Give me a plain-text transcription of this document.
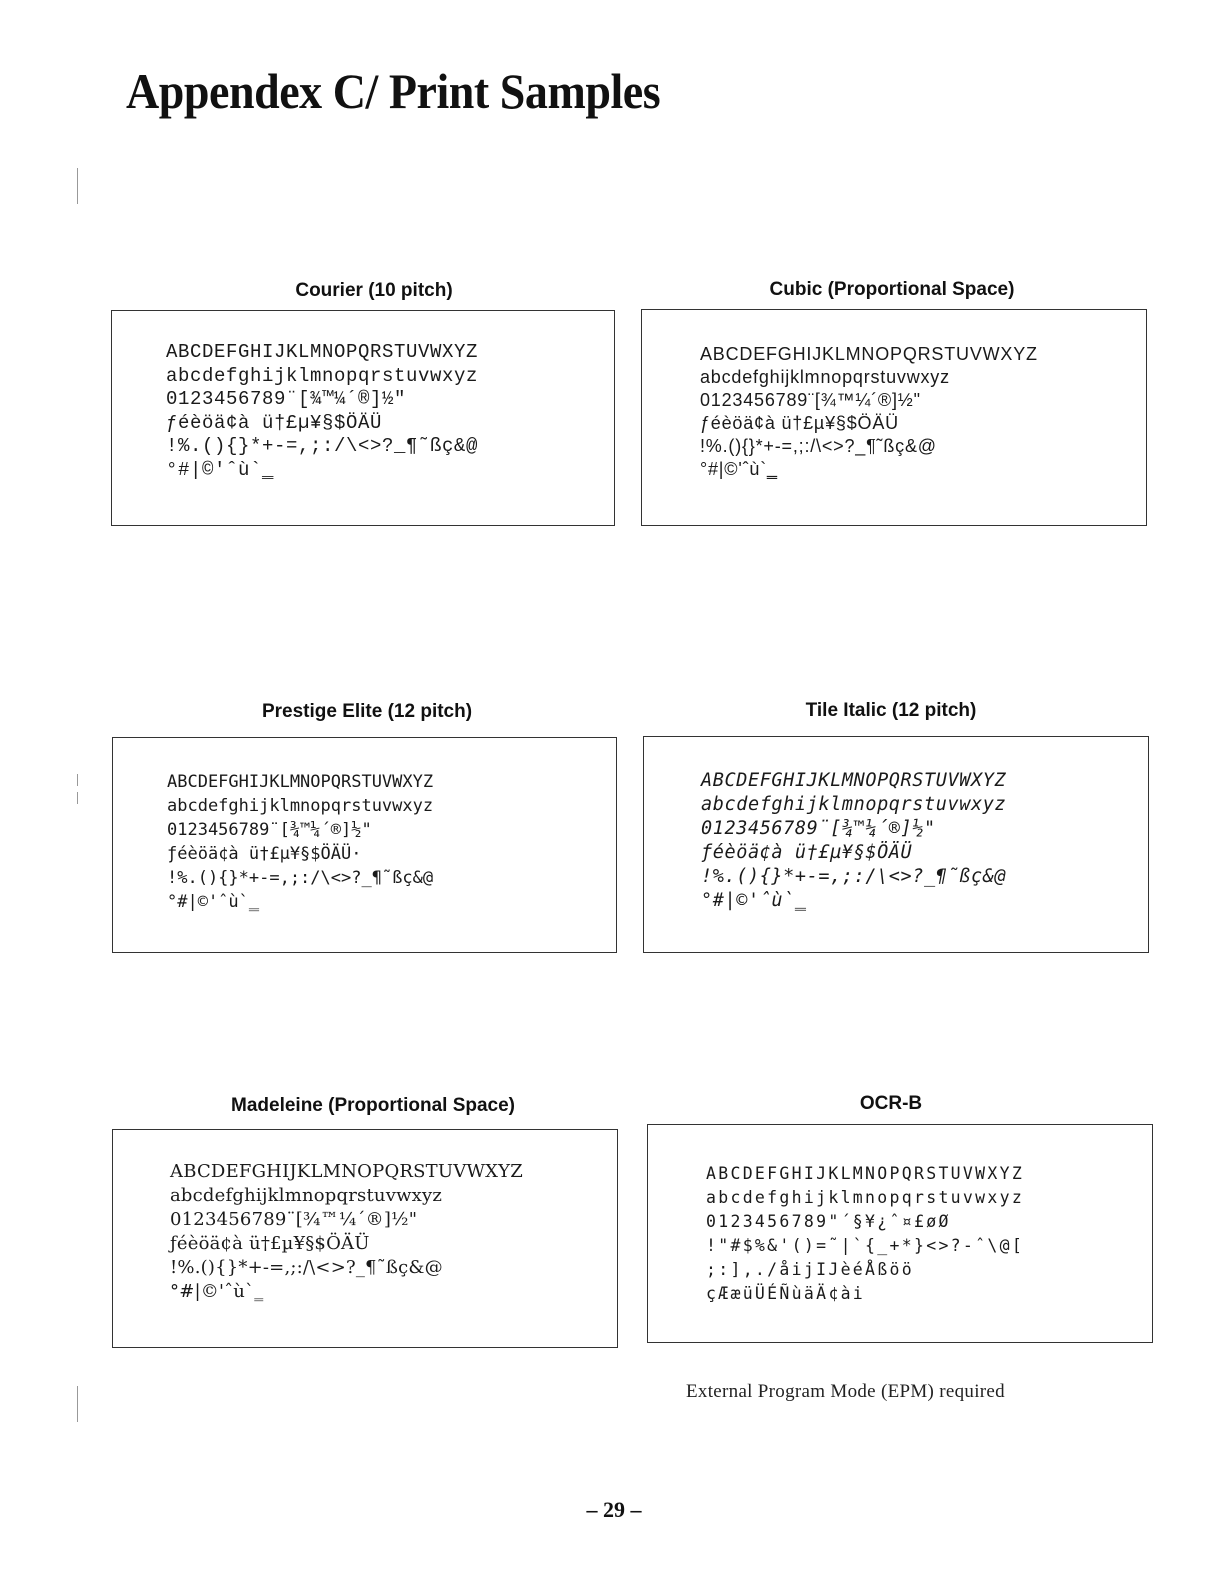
Appendex C/ Print Samples

Courier (10 pitch)

ABCDEFGHIJKLMNOPQRSTUVWXYZ
abcdefghijklmnopqrstuvwxyz
0123456789¨[¾™¼´®]½"
ƒéèöä¢à ü†£µ¥§$ÖÄÜ
!%.(){}*+-=,;:/\<>?_¶˜ßç&@
°#|©'ˆù`‗

Cubic (Proportional Space)

ABCDEFGHIJKLMNOPQRSTUVWXYZ
abcdefghijklmnopqrstuvwxyz
0123456789¨[¾™¼´®]½"
ƒéèöä¢à ü†£µ¥§$ÖÄÜ
!%.(){}*+-=,;:/\<>?_¶˜ßç&@
°#|©'ˆù`‗

Prestige Elite (12 pitch)

ABCDEFGHIJKLMNOPQRSTUVWXYZ
abcdefghijklmnopqrstuvwxyz
0123456789¨[¾™¼´®]½"
ƒéèöä¢à ü†£µ¥§$ÖÄÜ·
!%.(){}*+-=,;:/\<>?_¶˜ßç&@
°#|©'ˆù`‗

Tile Italic (12 pitch)

ABCDEFGHIJKLMNOPQRSTUVWXYZ
abcdefghijklmnopqrstuvwxyz
0123456789¨[¾™¼´®]½"
ƒéèöä¢à ü†£µ¥§$ÖÄÜ
!%.(){}*+-=,;:/\<>?_¶˜ßç&@
°#|©'ˆù`‗

Madeleine (Proportional Space)

ABCDEFGHIJKLMNOPQRSTUVWXYZ
abcdefghijklmnopqrstuvwxyz
0123456789¨[¾™¼´®]½"
ƒéèöä¢à ü†£µ¥§$ÖÄÜ
!%.(){}*+-=,;:/\<>?_¶˜ßç&@
°#|©'ˆù`‗

OCR-B

ABCDEFGHIJKLMNOPQRSTUVWXYZ
abcdefghijklmnopqrstuvwxyz
0123456789"´§¥¿ˆ¤£øØ
!"#$%&'()=˜|`{_+*}<>?-ˆ\@[
;:],./åijIJèéÅßöö
çÆæüÜÉÑùäÄ¢ài

External Program Mode (EPM) required

– 29 –
